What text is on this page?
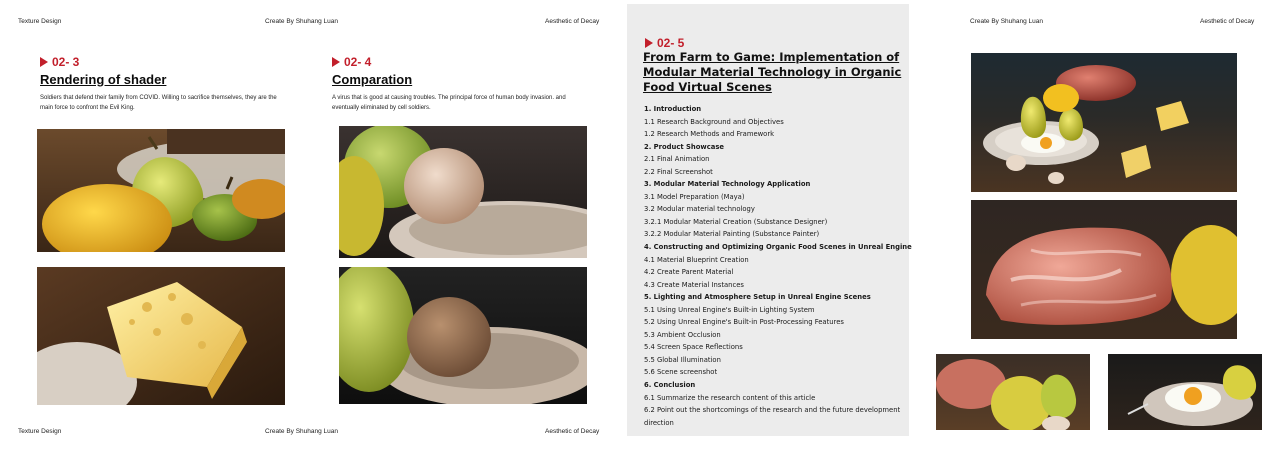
Texture Design	Create By Shuhang Luan	Aesthetic of Decay
02- 3
Rendering of shader
Soldiers that defend their family from COVID. Willing to sacrifice themselves, they are the main force to confront the Evil King.
Texture Design	Create By Shuhang Luan	Aesthetic of Decay
02- 4
Comparation
A virus that is good at causing troubles. The principal force of human body invasion. and eventually eliminated by cell soldiers.
02- 5
From Farm to Game: Implementation of
Modular Material Technology in Organic
Food Virtual Scenes
1. Introduction
1.1 Research Background and Objectives
1.2 Research Methods and Framework
2. Product Showcase
2.1 Final Animation
2.2 Final Screenshot
3. Modular Material Technology Application
3.1 Model Preparation (Maya)
3.2 Modular material technology
3.2.1 Modular Material Creation (Substance Designer)
3.2.2 Modular Material Painting (Substance Painter)
4. Constructing and Optimizing Organic Food Scenes in Unreal Engine
4.1 Material Blueprint Creation
4.2 Create Parent Material
4.3 Create Material Instances
5. Lighting and Atmosphere Setup in Unreal Engine Scenes
5.1 Using Unreal Engine's Built-in Lighting System
5.2 Using Unreal Engine's Built-in Post-Processing Features
5.3 Ambient Occlusion
5.4 Screen Space Reflections
5.5 Global Illumination
5.6 Scene screenshot
6. Conclusion
6.1 Summarize the research content of this article
6.2 Point out the shortcomings of the research and the future development
direction
Create By Shuhang Luan	Aesthetic of Decay
